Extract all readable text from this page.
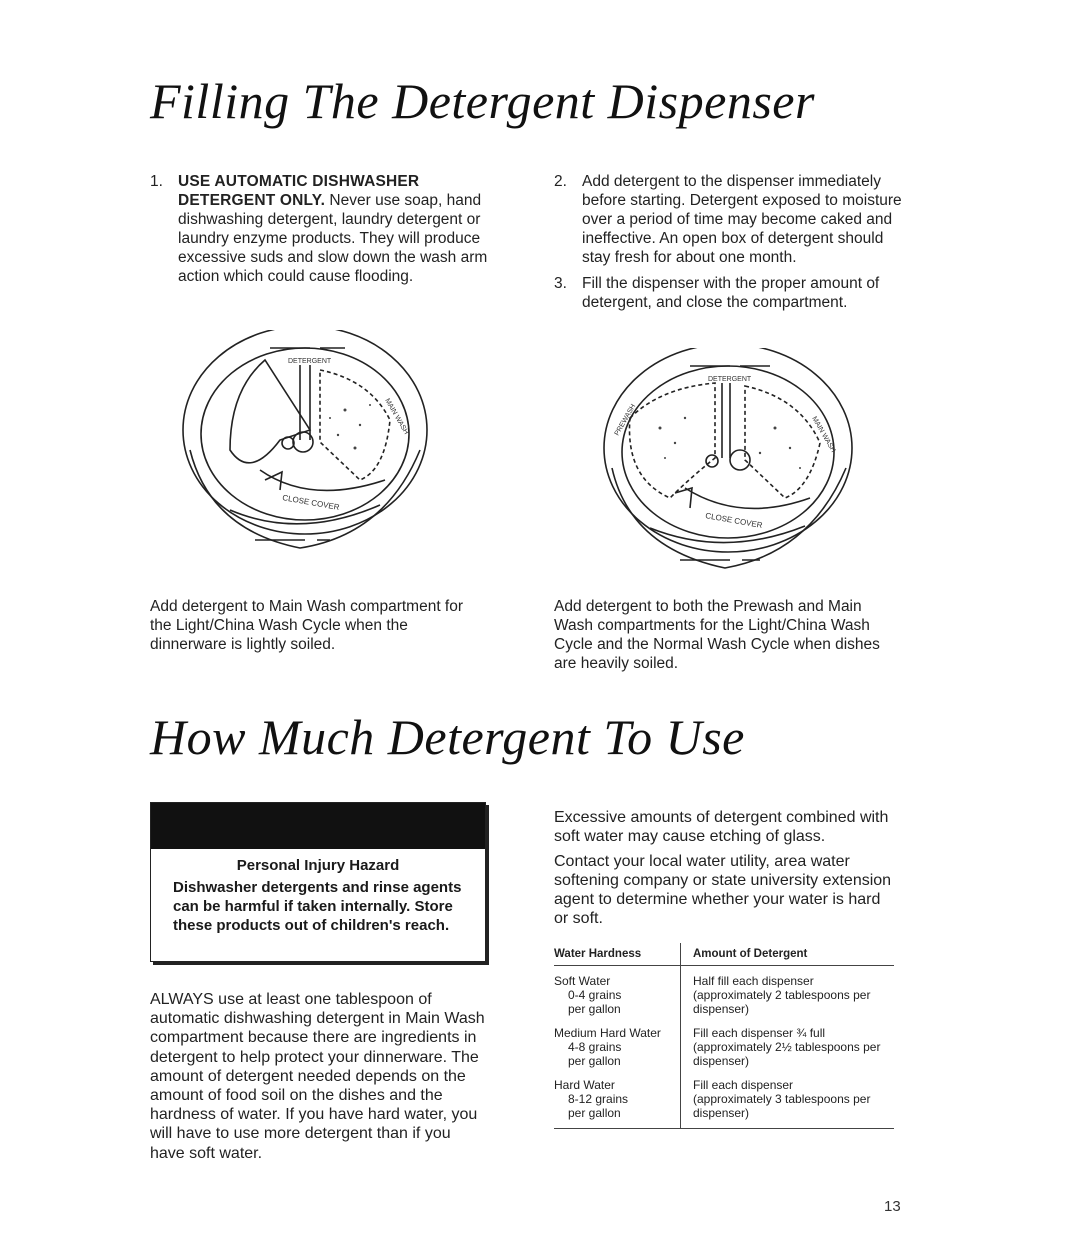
Filling The Detergent Dispenser
1. USE AUTOMATIC DISHWASHER DETERGENT ONLY. Never use soap, hand dishwashing detergent, laundry detergent or laundry enzyme products. They will produce excessive suds and slow down the wash arm action which could cause flooding.
2. Add detergent to the dispenser immediately before starting. Detergent exposed to moisture over a period of time may become caked and ineffective. An open box of detergent should stay fresh for about one month.
3. Fill the dispenser with the proper amount of detergent, and close the compartment.
DETERGENT
MAIN WASH
CLOSE COVER
DETERGENT
PREWASH	MAIN WASH
CLOSE COVER
Add detergent to Main Wash compartment for the Light/China Wash Cycle when the dinnerware is lightly soiled.
Add detergent to both the Prewash and Main Wash compartments for the Light/China Wash Cycle and the Normal Wash Cycle when dishes are heavily soiled.
How Much Detergent To Use
Personal Injury Hazard
Dishwasher detergents and rinse agents can be harmful if taken internally. Store these products out of children's reach.
ALWAYS use at least one tablespoon of automatic dishwashing detergent in Main Wash compartment because there are ingredients in detergent to help protect your dinnerware. The amount of detergent needed depends on the amount of food soil on the dishes and the hardness of water. If you have hard water, you will have to use more detergent than if you have soft water.
Excessive amounts of detergent combined with soft water may cause etching of glass.
Contact your local water utility, area water softening company or state university extension agent to determine whether your water is hard or soft.
Water Hardness	Amount of Detergent
Soft Water
0-4 grains
per gallon	Half fill each dispenser
(approximately 2 tablespoons per dispenser)
Medium Hard Water
4-8 grains
per gallon	Fill each dispenser ¾ full
(approximately 2½ tablespoons per dispenser)
Hard Water
8-12 grains
per gallon	Fill each dispenser
(approximately 3 tablespoons per dispenser)
13
